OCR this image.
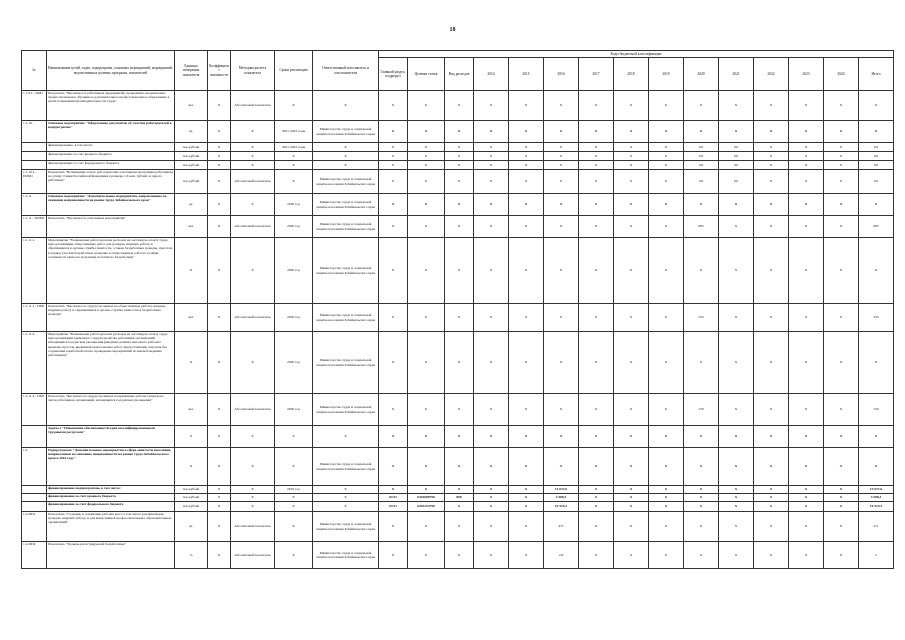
18
№	Наименование целей, задач, подпрограмм, основных мероприятий, мероприятий, ведомственных целевых программ, показателей	Единица измерения показателя	Коэффициент значимости	Методика расчета показателя	Сроки реализации	Ответственный исполнитель и соисполнители	Коды бюджетной классификации														
							Главный раздел, подраздел	Целевая статья	Вид расходов	2014	2015	2016	2017	2018	2019	2020	2021	2022	2023	2024	Итого
1.1.9.1.- ПМ1	Показатель "Численность работников предприятий, прошедших опережающее профессиональное обучение и дополнительное профессиональное образование в целях повышения производительности труда"	чел.	X	Абсолютный показатель	X	X	X	X	X	X	X	X	X	X	X	X	X	X	X	X	X
1.1.10.	Основное мероприятие "Оформление документов об участии работодателей в подпрограмме"	ед.	X	X	2021-2022 годы	Министерство труда и социальной защиты населения Забайкальского края	X	X	X	X	X	X	X	X	X	X	X	X	X	X	X
	финансирование, в том числе:	тыс.рублей	X	X	2021-2022 годы	X	X	X	X	X	X	X	X	X	X	0,0	0,0	X	X	X	0,0
	финансирование за счет краевого бюджета	тыс.рублей	X	X	X	X	X	X	X	X	X	X	X	X	X	0,0	0,0	X	X	X	0,0
	финансирование за счет федерального бюджета	тыс.рублей	X	X	X	X	X	X	X	X	X	X	X	X	X	0,0	0,0	X	X	X	0,0
1.1.10.1.- ПОМ1	Показатель "Возмещение затрат работодателям участникам программы работникам на сумму ставки Российской Федерации в размере 1,6 млн. рублей за одного работника"	тыс.рублей	X	Абсолютный показатель	X	Министерство труда и социальной защиты населения Забайкальского края	X	X	X	X	X	X	X	X	X	0,0	0,0	X	X	X	0,0
1.1.11.	Основное мероприятие "Дополнительные мероприятия, направленные на снижение напряженности на рынке труда Забайкальского края"	ед.	X	X	2020 год	Министерство труда и социальной защиты населения Забайкальского края	X	X	X	X	X	X	X	X	X	X	X	X	X	X	X
1.1.11.- ПОМ1	Показатель "Численность участников мероприятия"	чел.	X	Абсолютный показатель	2020 год	Министерство труда и социальной защиты населения Забайкальского края	X	X	X	X	X	X	X	X	X	685	X	X	X	X	685
1.1.11.1.	Мероприятие "Возмещение работодателям расходов на частичную оплату труда при организации общественных работ для граждан, ищущих работу и обратившихся в органы службы занятости, а также безработных граждан, при этом в период участия безработные граждане в общественных работах за ними сохраняется право на получение пособия по безработице"	X	X	X	2020 год	Министерство труда и социальной защиты населения Забайкальского края	X	X	X	X	X	X	X	X	X	X	X	X	X	X	X
1.1.11.1.- ПМ1	Показатель "Численность трудоустроенных на общественные работы граждан, ищущих работу и обратившихся в органы службы занятости и безработных граждан"	чел.	X	Абсолютный показатель	2020 год	Министерство труда и социальной защиты населения Забайкальского края	X	X	X	X	X	X	X	X	X	535	X	X	X	X	535
1.1.11.2.	Мероприятие "Возмещение работодателям расходов на частичную оплату труда при организации временного трудоустройства работников организаций, находящихся под риском увольнения (введение режима неполного рабочего времени, простоя, временная приостановка работ, предоставление отпусков без сохранения заработной платы, проведение мероприятий по высвобождению работников)"	X	X	X	2020 год	Министерство труда и социальной защиты населения Забайкальского края	X	X	X	X	X	X	X	X	X	X	X	X	X	X	X
1.1.11.2.- ПМ1	Показатель "Численность трудоустроенных на временные работы граждан из числа работников организаций, находящихся под риском увольнения"	чел.	X	Абсолютный показатель	2020 год	Министерство труда и социальной защиты населения Забайкальского края	X	X	X	X	X	X	X	X	X	150	X	X	X	X	150
	Задача 2 "Повышение обеспеченности края квалифицированными трудовыми ресурсами"	X	X	X	X	X	X	X	X	X	X	X	X	X	X	X	X	X	X	X	X
1.2.	Подпрограмма "Дополнительные мероприятия в сфере занятости населения, направленные на снижение напряженности на рынке труда Забайкальского края в 2016 году"	X	X	X	X	Министерство труда и социальной защиты населения Забайкальского края	X	X	X	X	X	X	X	X	X	X	X	X	X	X	X
	финансирование подпрограммы, в том числе:	тыс.рублей	X	X	2016 год	X	X	X	X	X	X	15 027,6	X	X	X	X	X	X	X	X	15 027,6
	финансирование за счет краевого бюджета	тыс.рублей	X	X	X	X	04 01	0410000790	800	X	X	4 508,3	X	X	X	X	X	X	X	X	4 508,3
	финансирование за счет федерального бюджета	тыс.рублей	X	X	X	X	04 01	04102S4790	X	X	X	10 519,3	X	X	X	X	X	X	X	X	10 519,3
1.2-ПП1	Показатель "Создание и оснащение рабочих мест, в том числе для инвалидов, граждан, ищущих работу, и для выпускников профессиональных образовательных организаций"	ед.	X	Абсолютный показатель	X	Министерство труда и социальной защиты населения Забайкальского края	X	X	X	X	X	471	X	X	X	X	X	X	X	X	471
1.2-ПП2	Показатель "Уровень регистрируемой безработицы"	%	X	Абсолютный показатель	X	Министерство труда и социальной защиты населения Забайкальского края	X	X	X	X	X	2,6	X	X	X	X	X	X	X	X	2
